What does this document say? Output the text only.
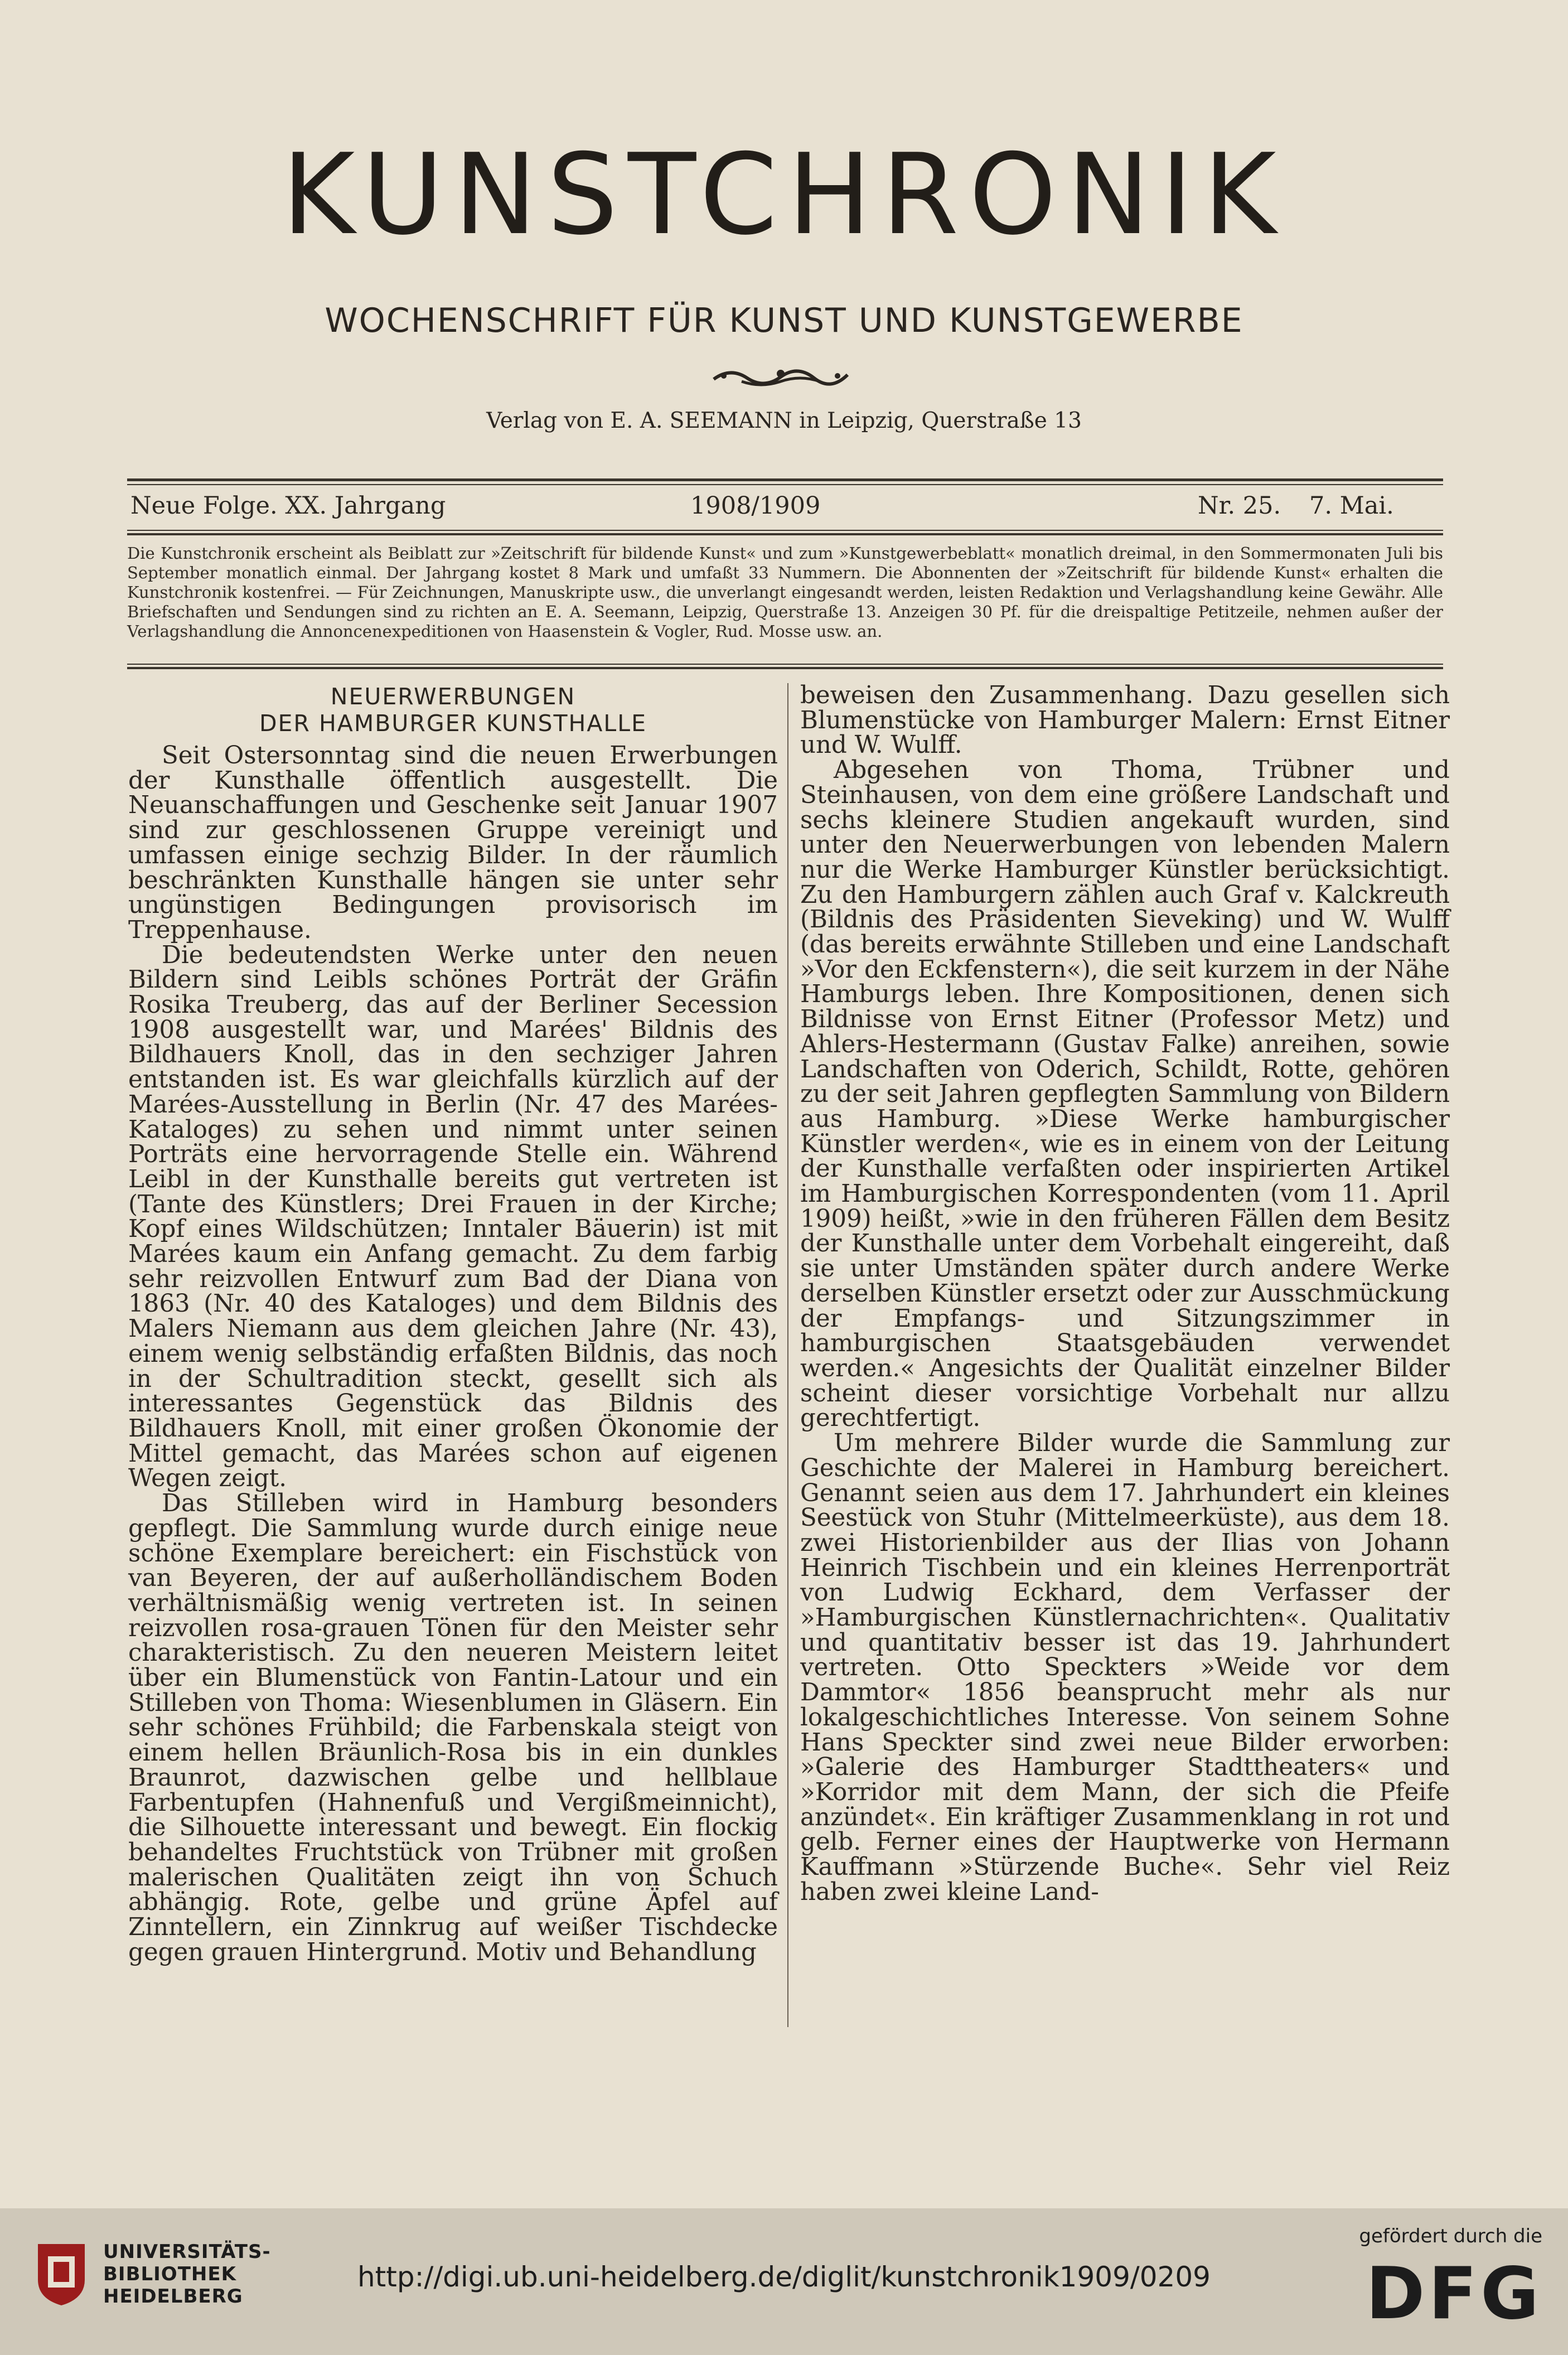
KUNSTCHRONIK
WOCHENSCHRIFT FÜR KUNST UND KUNSTGEWERBE
Verlag von E. A. SEEMANN in Leipzig, Querstraße 13
Neue Folge. XX. Jahrgang	1908/1909	Nr. 25. 7. Mai.

Die Kunstchronik erscheint als Beiblatt zur »Zeitschrift für bildende Kunst« und zum »Kunstgewerbeblatt« monatlich dreimal, in den Sommermonaten Juli bis September monatlich einmal. Der Jahrgang kostet 8 Mark und umfaßt 33 Nummern. Die Abonnenten der »Zeitschrift für bildende Kunst« erhalten die Kunstchronik kostenfrei. — Für Zeichnungen, Manuskripte usw., die unverlangt eingesandt werden, leisten Redaktion und Verlagshandlung keine Gewähr. Alle Briefschaften und Sendungen sind zu richten an E. A. Seemann, Leipzig, Querstraße 13. Anzeigen 30 Pf. für die dreispaltige Petitzeile, nehmen außer der Verlagshandlung die Annoncenexpeditionen von Haasenstein & Vogler, Rud. Mosse usw. an.

NEUERWERBUNGEN
DER HAMBURGER KUNSTHALLE

Seit Ostersonntag sind die neuen Erwerbungen der Kunsthalle öffentlich ausgestellt. Die Neuanschaffungen und Geschenke seit Januar 1907 sind zur geschlossenen Gruppe vereinigt und umfassen einige sechzig Bilder. In der räumlich beschränkten Kunsthalle hängen sie unter sehr ungünstigen Bedingungen provisorisch im Treppenhause.

Die bedeutendsten Werke unter den neuen Bildern sind Leibls schönes Porträt der Gräfin Rosika Treuberg, das auf der Berliner Secession 1908 ausgestellt war, und Marées' Bildnis des Bildhauers Knoll, das in den sechziger Jahren entstanden ist. Es war gleichfalls kürzlich auf der Marées-Ausstellung in Berlin (Nr. 47 des Marées-Kataloges) zu sehen und nimmt unter seinen Porträts eine hervorragende Stelle ein. Während Leibl in der Kunsthalle bereits gut vertreten ist (Tante des Künstlers; Drei Frauen in der Kirche; Kopf eines Wildschützen; Inntaler Bäuerin) ist mit Marées kaum ein Anfang gemacht. Zu dem farbig sehr reizvollen Entwurf zum Bad der Diana von 1863 (Nr. 40 des Kataloges) und dem Bildnis des Malers Niemann aus dem gleichen Jahre (Nr. 43), einem wenig selbständig erfaßten Bildnis, das noch in der Schultradition steckt, gesellt sich als interessantes Gegenstück das Bildnis des Bildhauers Knoll, mit einer großen Ökonomie der Mittel gemacht, das Marées schon auf eigenen Wegen zeigt.

Das Stilleben wird in Hamburg besonders gepflegt. Die Sammlung wurde durch einige neue schöne Exemplare bereichert: ein Fischstück von van Beyeren, der auf außerholländischem Boden verhältnismäßig wenig vertreten ist. In seinen reizvollen rosa-grauen Tönen für den Meister sehr charakteristisch. Zu den neueren Meistern leitet über ein Blumenstück von Fantin-Latour und ein Stilleben von Thoma: Wiesenblumen in Gläsern. Ein sehr schönes Frühbild; die Farbenskala steigt von einem hellen Bräunlich-Rosa bis in ein dunkles Braunrot, dazwischen gelbe und hellblaue Farbentupfen (Hahnenfuß und Vergißmeinnicht), die Silhouette interessant und bewegt. Ein flockig behandeltes Fruchtstück von Trübner mit großen malerischen Qualitäten zeigt ihn von Schuch abhängig. Rote, gelbe und grüne Äpfel auf Zinntellern, ein Zinnkrug auf weißer Tischdecke gegen grauen Hintergrund. Motiv und Behandlung

beweisen den Zusammenhang. Dazu gesellen sich Blumenstücke von Hamburger Malern: Ernst Eitner und W. Wulff.

Abgesehen von Thoma, Trübner und Steinhausen, von dem eine größere Landschaft und sechs kleinere Studien angekauft wurden, sind unter den Neuerwerbungen von lebenden Malern nur die Werke Hamburger Künstler berücksichtigt. Zu den Hamburgern zählen auch Graf v. Kalckreuth (Bildnis des Präsidenten Sieveking) und W. Wulff (das bereits erwähnte Stilleben und eine Landschaft »Vor den Eckfenstern«), die seit kurzem in der Nähe Hamburgs leben. Ihre Kompositionen, denen sich Bildnisse von Ernst Eitner (Professor Metz) und Ahlers-Hestermann (Gustav Falke) anreihen, sowie Landschaften von Oderich, Schildt, Rotte, gehören zu der seit Jahren gepflegten Sammlung von Bildern aus Hamburg. »Diese Werke hamburgischer Künstler werden«, wie es in einem von der Leitung der Kunsthalle verfaßten oder inspirierten Artikel im Hamburgischen Korrespondenten (vom 11. April 1909) heißt, »wie in den früheren Fällen dem Besitz der Kunsthalle unter dem Vorbehalt eingereiht, daß sie unter Umständen später durch andere Werke derselben Künstler ersetzt oder zur Ausschmückung der Empfangs- und Sitzungszimmer in hamburgischen Staatsgebäuden verwendet werden.« Angesichts der Qualität einzelner Bilder scheint dieser vorsichtige Vorbehalt nur allzu gerechtfertigt.

Um mehrere Bilder wurde die Sammlung zur Geschichte der Malerei in Hamburg bereichert. Genannt seien aus dem 17. Jahrhundert ein kleines Seestück von Stuhr (Mittelmeerküste), aus dem 18. zwei Historienbilder aus der Ilias von Johann Heinrich Tischbein und ein kleines Herrenporträt von Ludwig Eckhard, dem Verfasser der »Hamburgischen Künstlernachrichten«. Qualitativ und quantitativ besser ist das 19. Jahrhundert vertreten. Otto Speckters »Weide vor dem Dammtor« 1856 beansprucht mehr als nur lokalgeschichtliches Interesse. Von seinem Sohne Hans Speckter sind zwei neue Bilder erworben: »Galerie des Hamburger Stadttheaters« und »Korridor mit dem Mann, der sich die Pfeife anzündet«. Ein kräftiger Zusammenklang in rot und gelb. Ferner eines der Hauptwerke von Hermann Kauffmann »Stürzende Buche«. Sehr viel Reiz haben zwei kleine Land-

UNIVERSITÄTS-
BIBLIOTHEK
HEIDELBERG
http://digi.ub.uni-heidelberg.de/diglit/kunstchronik1909/0209
gefördert durch die
DFG
